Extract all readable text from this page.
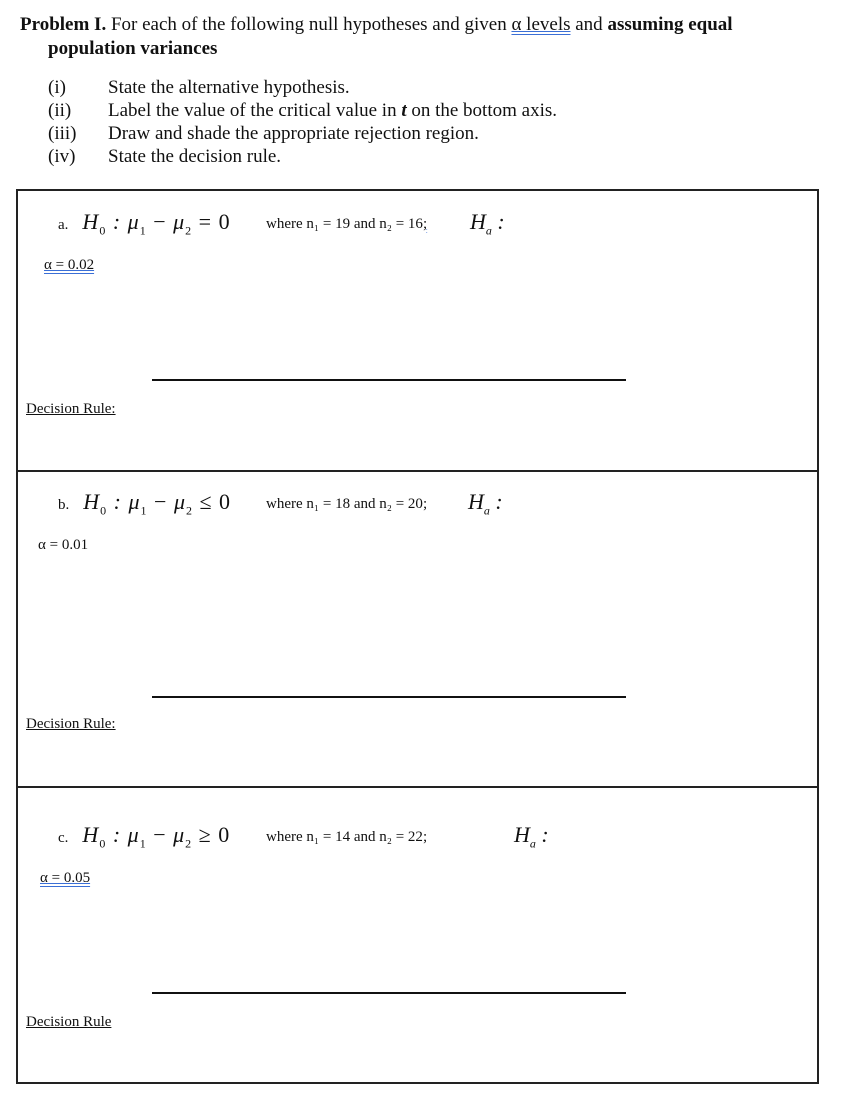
Problem I. For each of the following null hypotheses and given α levels and assuming equal
population variances
(i)	State the alternative hypothesis.
(ii)	Label the value of the critical value in t on the bottom axis.
(iii)	Draw and shade the appropriate rejection region.
(iv)	State the decision rule.
a. $H_0$ : $\mu_1 - \mu_2 = 0$ where n₁ = 19 and n₂ = 16; $H_a$ :
α = 0.02
Decision Rule:
b. $H_0$ : $\mu_1 - \mu_2 \le 0$ where n₁ = 18 and n₂ = 20; $H_a$ :
α = 0.01
Decision Rule:
c. $H_0$ : $\mu_1 - \mu_2 \ge 0$ where n₁ = 14 and n₂ = 22;	$H_a$ :
α = 0.05
Decision Rule
